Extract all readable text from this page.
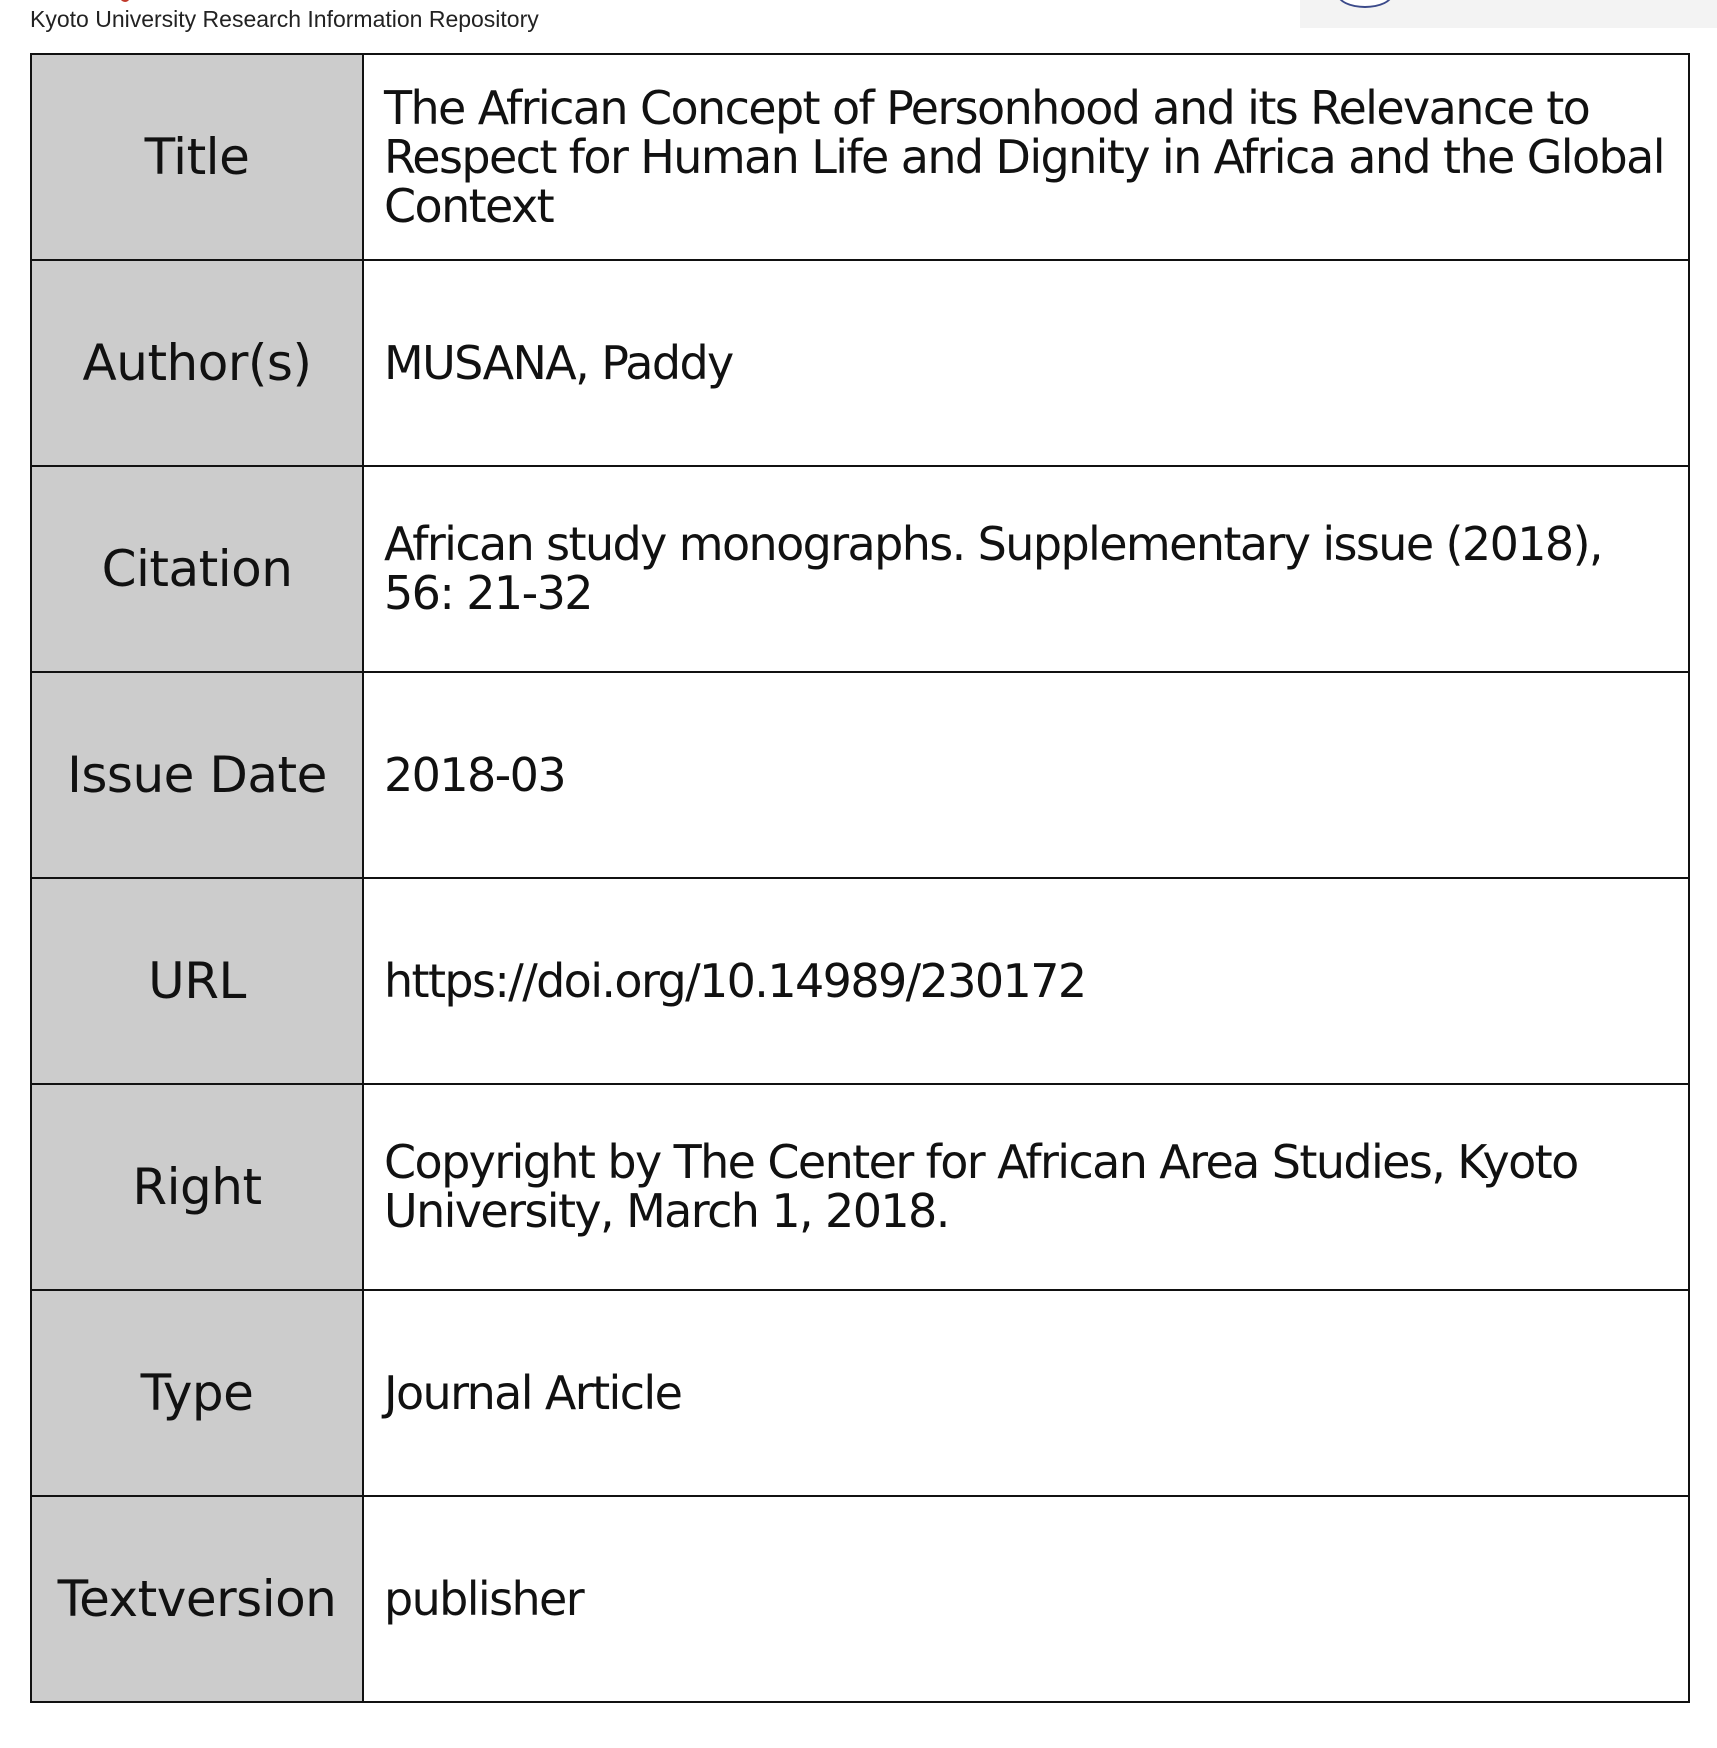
Kyoto University Research Information Repository
Title	The African Concept of Personhood and its Relevance to Respect for Human Life and Dignity in Africa and the Global Context
Author(s)	MUSANA, Paddy
Citation	African study monographs. Supplementary issue (2018), 56: 21-32
Issue Date	2018-03
URL	https://doi.org/10.14989/230172
Right	Copyright by The Center for African Area Studies, Kyoto University, March 1, 2018.
Type	Journal Article
Textversion	publisher
